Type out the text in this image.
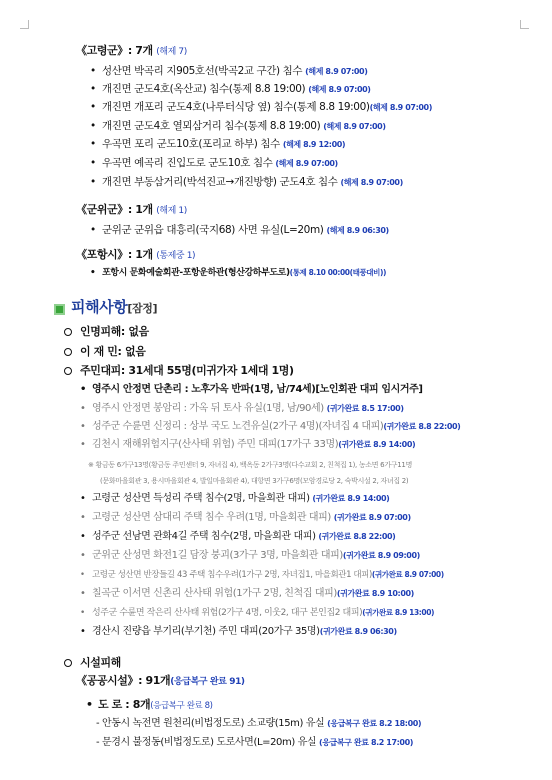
《고령군》: 7개 (해제 7)
• 성산면 박곡리 지905호선(박곡2교 구간) 침수 (해제 8.9 07:00)
• 개진면 군도4호(옥산교) 침수(통제 8.8 19:00) (해제 8.9 07:00)
• 개진면 개포리 군도4호(나루터식당 옆) 침수(통제 8.8 19:00)(해제 8.9 07:00)
• 개진면 군도4호 열뫼삼거리 침수(통제 8.8 19:00) (해제 8.9 07:00)
• 우곡면 포리 군도10호(포리교 하부) 침수 (해제 8.9 12:00)
• 우곡면 예곡리 진입도로 군도10호 침수 (해제 8.9 07:00)
• 개진면 부동삼거리(박석진교→개진방향) 군도4호 침수 (해제 8.9 07:00)
《군위군》: 1개 (해제 1)
• 군위군 군위읍 대흥리(국지68) 사면 유실(L=20m) (해제 8.9 06:30)
《포항시》: 1개 (통제중 1)
• 포항시 문화예술회관-포항운하관(형산강하부도로)(통제 8.10 00:00(태풍대비))
피해사항[잠정]
인명피해: 없음
이 재 민: 없음
주민대피: 31세대 55명(미귀가자 1세대 1명)
• 영주시 안정면 단촌리 : 노후가옥 반파(1명, 남/74세)[노인회관 대피 임시거주]
• 영주시 안정면 봉암리 : 가옥 뒤 토사 유실(1명, 남/90세) (귀가완료 8.5 17:00)
• 성주군 수륜면 신정리 : 상부 국도 노견유실(2가구 4명)(자녀집 4 대피)(귀가완료 8.8 22:00)
• 김천시 재해위험지구(산사태 위험) 주민 대피(17가구 33명)(귀가완료 8.9 14:00)
※ 황금동 6가구13명(황금동 주민센터 9, 자녀집 4), 백옥동 2가구3명(다수교회 2, 친척집 1), 농소면 6가구11명
(문화마을회관 3, 용시마을회관 4, 발일마을회관 4), 대항면 3가구6명(모암경로당 2, 숙박시설 2, 자녀집 2)
• 고령군 성산면 득성리 주택 침수(2명, 마을회관 대피) (귀가완료 8.9 14:00)
• 고령군 성산면 삼대리 주택 침수 우려(1명, 마을회관 대피) (귀가완료 8.9 07:00)
• 성주군 선남면 관화4길 주택 침수(2명, 마을회관 대피) (귀가완료 8.8 22:00)
• 군위군 산성면 화전1길 담장 붕괴(3가구 3명, 마을회관 대피)(귀가완료 8.9 09:00)
• 고령군 성산면 반장들길 43 주택 침수우려(1가구 2명, 자녀집1, 마을회관1 대피)(귀가완료 8.9 07:00)
• 칠곡군 이서면 신촌리 산사태 위험(1가구 2명, 친척집 대피)(귀가완료 8.9 10:00)
• 성주군 수륜면 작은리 산사태 위험(2가구 4명, 이웃2, 대구 본인집2 대피)(귀가완료 8.9 13:00)
• 경산시 진량읍 부기리(부기천) 주민 대피(20가구 35명)(귀가완료 8.9 06:30)
시설피해
《공공시설》: 91개(응급복구 완료 91)
• 도 로 : 8개(응급복구 완료 8)
- 안동시 녹전면 원천리(비법정도로) 소교량(15m) 유실 (응급복구 완료 8.2 18:00)
- 문경시 불정동(비법정도로) 도로사면(L=20m) 유실 (응급복구 완료 8.2 17:00)
